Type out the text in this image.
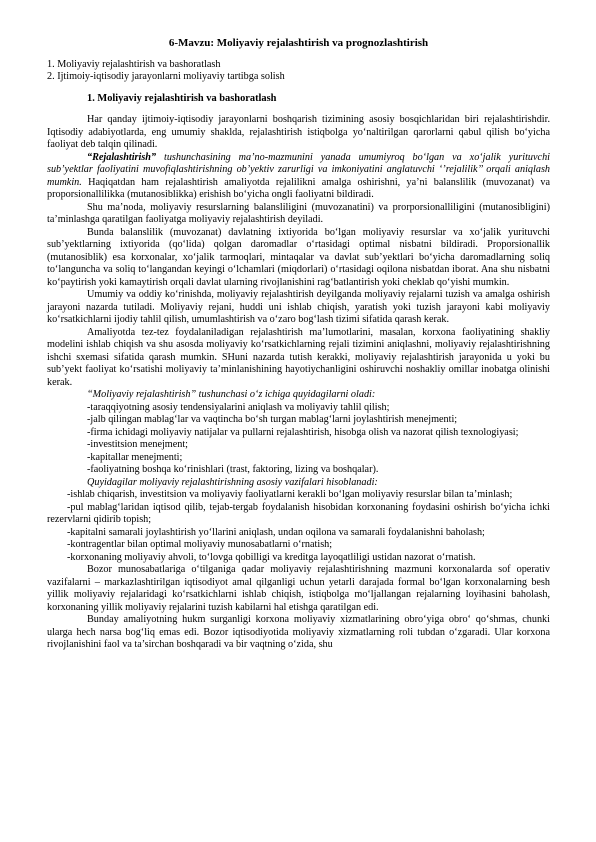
6-Mavzu: Moliyaviy rejalashtirish va prognozlashtirish
1. Moliyaviy rejalashtirish va bashoratlash
2. Ijtimoiy-iqtisodiy jarayonlarni moliyaviy tartibga solish
1. Moliyaviy rejalashtirish va bashoratlash

Har qanday ijtimoiy-iqtisodiy jarayonlarni boshqarish tizimining asosiy bosqichlaridan biri rejalashtirishdir. Iqtisodiy adabiyotlarda, eng umumiy shaklda, rejalashtirish istiqbolga yo‘naltirilgan qarorlarni qabul qilish bo‘yicha faoliyat deb talqin qilinadi.

“Rejalashtirish” tushunchasining ma’no-mazmunini yanada umumiyroq bo‘lgan va xo‘jalik yurituvchi sub’yektlar faoliyatini muvofiqlashtirishning ob’yektiv zarurligi va imkoniyatini anglatuvchi ‘’rejalilik’’ orqali aniqlash mumkin. Haqiqatdan ham rejalashtirish amaliyotda rejalilikni amalga oshirishni, ya’ni balanslilik (muvozanat) va proporsionallilikka (mutanosiblikka) erishish bo‘yicha ongli faoliyatni bildiradi.

Shu ma’noda, moliyaviy resurslarning balansliligini (muvozanatini) va prorporsionalliligini (mutanosibligini) ta’minlashga qaratilgan faoliyatga moliyaviy rejalashtirish deyiladi.

Bunda balanslilik (muvozanat) davlatning ixtiyorida bo‘lgan moliyaviy resurslar va xo‘jalik yurituvchi sub’yektlarning ixtiyorida (qo‘lida) qolgan daromadlar o‘rtasidagi optimal nisbatni bildiradi. Proporsionallik (mutanosiblik) esa korxonalar, xo‘jalik tarmoqlari, mintaqalar va davlat sub’yektlari bo‘yicha daromadlarning soliq to‘languncha va soliq to‘langandan keyingi o‘lchamlari (miqdorlari) o‘rtasidagi oqilona nisbatdan iborat. Ana shu nisbatni ko‘paytirish yoki kamaytirish orqali davlat ularning rivojlanishini rag‘batlantirish yoki cheklab qo‘yishi mumkin.

Umumiy va oddiy ko‘rinishda, moliyaviy rejalashtirish deyilganda moliyaviy rejalarni tuzish va amalga oshirish jarayoni nazarda tutiladi. Moliyaviy rejani, huddi uni ishlab chiqish, yaratish yoki tuzish jarayoni kabi moliyaviy ko‘rsatkichlarni ijodiy tahlil qilish, umumlashtirish va o‘zaro bog‘lash tizimi sifatida qarash kerak.

Amaliyotda tez-tez foydalaniladigan rejalashtirish ma’lumotlarini, masalan, korxona faoliyatining shakliy modelini ishlab chiqish va shu asosda moliyaviy ko‘rsatkichlarning rejali tizimini aniqlashni, moliyaviy rejalashtirishning ishchi sxemasi sifatida qarash mumkin. SHuni nazarda tutish kerakki, moliyaviy rejalashtirish jarayonida u yoki bu sub’yekt faoliyat ko‘rsatishi moliyaviy ta’minlanishining hayotiychanligini oshiruvchi noshakliy omillar inobatga olinishi kerak.

“Moliyaviy rejalashtirish” tushunchasi o‘z ichiga quyidagilarni oladi:

-taraqqiyotning asosiy tendensiyalarini aniqlash va moliyaviy tahlil qilish;
-jalb qilingan mablag‘lar va vaqtincha bo‘sh turgan mablag‘larni joylashtirish menejmenti;
-firma ichidagi moliyaviy natijalar va pullarni rejalashtirish, hisobga olish va nazorat qilish texnologiyasi;
-investitsion menejment;
-kapitallar menejmenti;
-faoliyatning boshqa ko‘rinishlari (trast, faktoring, lizing va boshqalar).

Quyidagilar moliyaviy rejalashtirishning asosiy vazifalari hisoblanadi:

-ishlab chiqarish, investitsion va moliyaviy faoliyatlarni kerakli bo‘lgan moliyaviy resurslar bilan ta’minlash;
-pul mablag‘laridan iqtisod qilib, tejab-tergab foydalanish hisobidan korxonaning foydasini oshirish bo‘yicha ichki rezervlarni qidirib topish;
-kapitalni samarali joylashtirish yo‘llarini aniqlash, undan oqilona va samarali foydalanishni baholash;
-kontragentlar bilan optimal moliyaviy munosabatlarni o‘rnatish;
-korxonaning moliyaviy ahvoli, to‘lovga qobilligi va kreditga layoqatliligi ustidan nazorat o‘rnatish.

Bozor munosabatlariga o‘tilganiga qadar moliyaviy rejalashtirishning mazmuni korxonalarda sof operativ vazifalarni – markazlashtirilgan iqtisodiyot amal qilganligi uchun yetarli darajada formal bo‘lgan korxonalarning besh yillik moliyaviy rejalaridagi ko‘rsatkichlarni ishlab chiqish, istiqbolga mo‘ljallangan rejalarning loyihasini baholash, korxonaning yillik moliyaviy rejalarini tuzish kabilarni hal etishga qaratilgan edi.

Bunday amaliyotning hukm surganligi korxona moliyaviy xizmatlarining obro‘yiga obro‘ qo‘shmas, chunki ularga hech narsa bog‘liq emas edi. Bozor iqtisodiyotida moliyaviy xizmatlarning roli tubdan o‘zgaradi. Ular korxona rivojlanishini faol va ta’sirchan boshqaradi va bir vaqtning o‘zida, shu
